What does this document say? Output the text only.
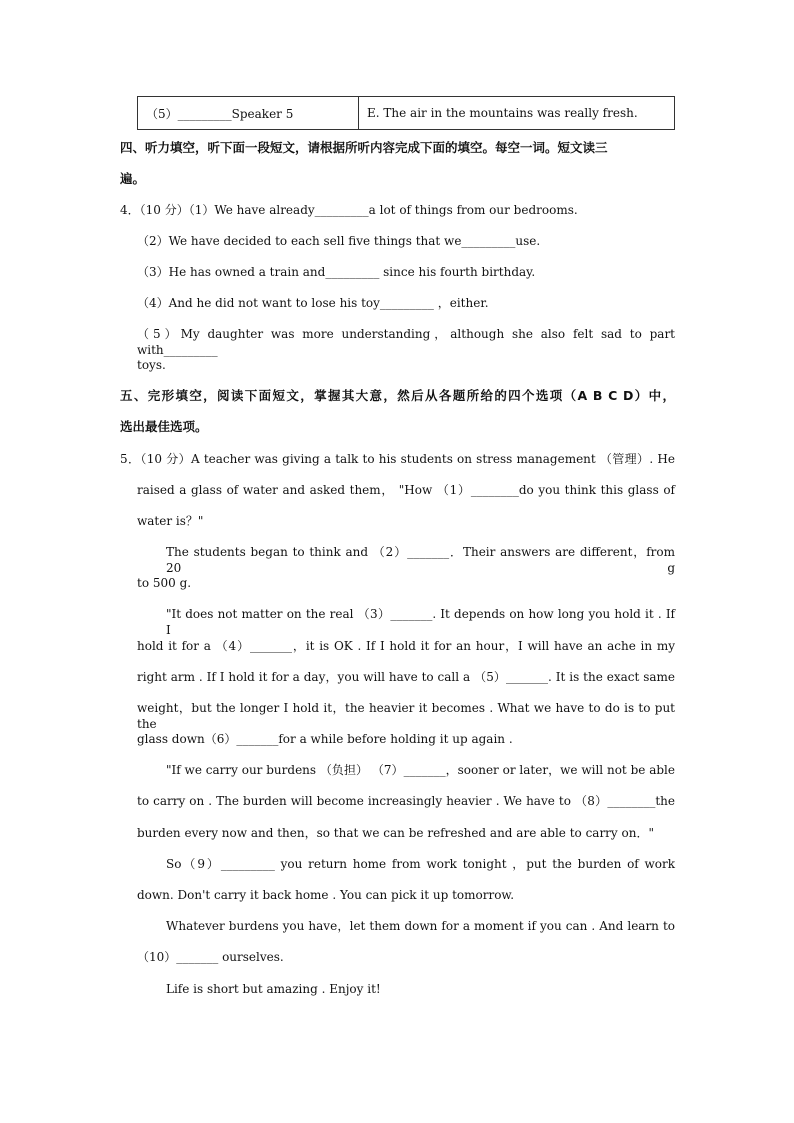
（5）_________Speaker 5	E. The air in the mountains was really fresh.
四、听力填空，听下面一段短文，请根据所听内容完成下面的填空。每空一词。短文读三
遍。
4．（10 分）（1）We have already_________a lot of things from our bedrooms.
（2）We have decided to each sell five things that we_________use.
（3）He has owned a train and_________ since his fourth birthday.
（4）And he did not want to lose his toy_________ ，either.
（5）My daughter was more understanding，although she also felt sad to part with_________
toys.
五、完形填空，阅读下面短文，掌握其大意，然后从各题所给的四个选项（A B C D）中，
选出最佳选项。
5．（10 分）A teacher was giving a talk to his students on stress management （管理）. He
raised a glass of water and asked them， "How （1）________do you think this glass of
water is？"
The students began to think and （2）_______．Their answers are different，from 20 g
to 500 g.
"It does not matter on the real （3）_______. It depends on how long you hold it . If I
hold it for a （4）_______，it is OK . If I hold it for an hour，I will have an ache in my
right arm . If I hold it for a day，you will have to call a （5）_______. It is the exact same
weight，but the longer I hold it，the heavier it becomes . What we have to do is to put the
glass down（6）_______for a while before holding it up again .
"If we carry our burdens （负担） （7）_______，sooner or later，we will not be able
to carry on . The burden will become increasingly heavier . We have to （8）________the
burden every now and then，so that we can be refreshed and are able to carry on．"
So（9）_________ you return home from work tonight ，put the burden of work
down. Don't carry it back home . You can pick it up tomorrow.
Whatever burdens you have，let them down for a moment if you can . And learn to
（10）_______ ourselves.
Life is short but amazing . Enjoy it!
